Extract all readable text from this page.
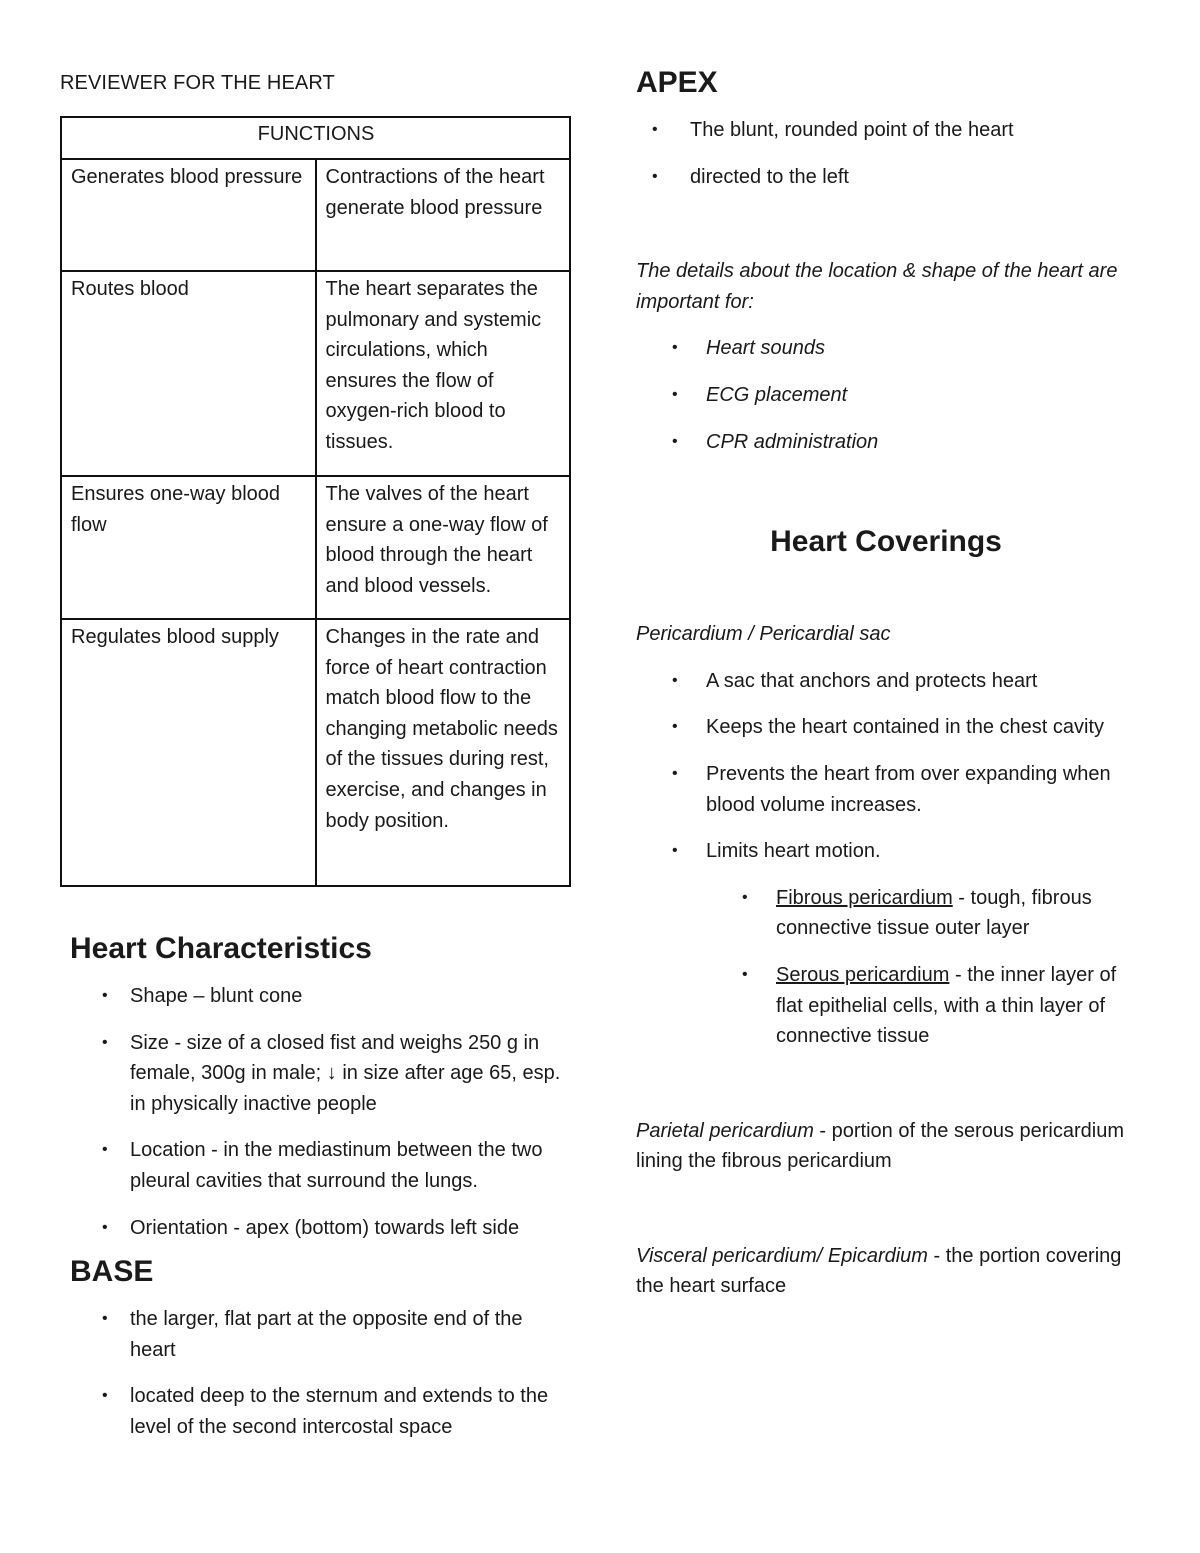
REVIEWER FOR THE HEART
FUNCTIONS	
Generates blood pressure	Contractions of the heart generate blood pressure
Routes blood	The heart separates the pulmonary and systemic circulations, which ensures the flow of oxygen-rich blood to tissues.
Ensures one-way blood flow	The valves of the heart ensure a one-way flow of blood through the heart and blood vessels.
Regulates blood supply	Changes in the rate and force of heart contraction match blood flow to the changing metabolic needs of the tissues during rest, exercise, and changes in body position.
Heart Characteristics
• Shape – blunt cone
• Size - size of a closed fist and weighs 250 g in female, 300g in male; ↓ in size after age 65, esp. in physically inactive people
• Location - in the mediastinum between the two pleural cavities that surround the lungs.
• Orientation - apex (bottom) towards left side
BASE
• the larger, flat part at the opposite end of the heart
• located deep to the sternum and extends to the level of the second intercostal space
APEX
• The blunt, rounded point of the heart
• directed to the left

The details about the location & shape of the heart are important for:

• Heart sounds
• ECG placement
• CPR administration
Heart Coverings

Pericardium / Pericardial sac

• A sac that anchors and protects heart
• Keeps the heart contained in the chest cavity
• Prevents the heart from over expanding when blood volume increases.
• Limits heart motion.
• Fibrous pericardium - tough, fibrous connective tissue outer layer
• Serous pericardium - the inner layer of flat epithelial cells, with a thin layer of connective tissue

Parietal pericardium - portion of the serous pericardium lining the fibrous pericardium

Visceral pericardium/ Epicardium - the portion covering the heart surface
